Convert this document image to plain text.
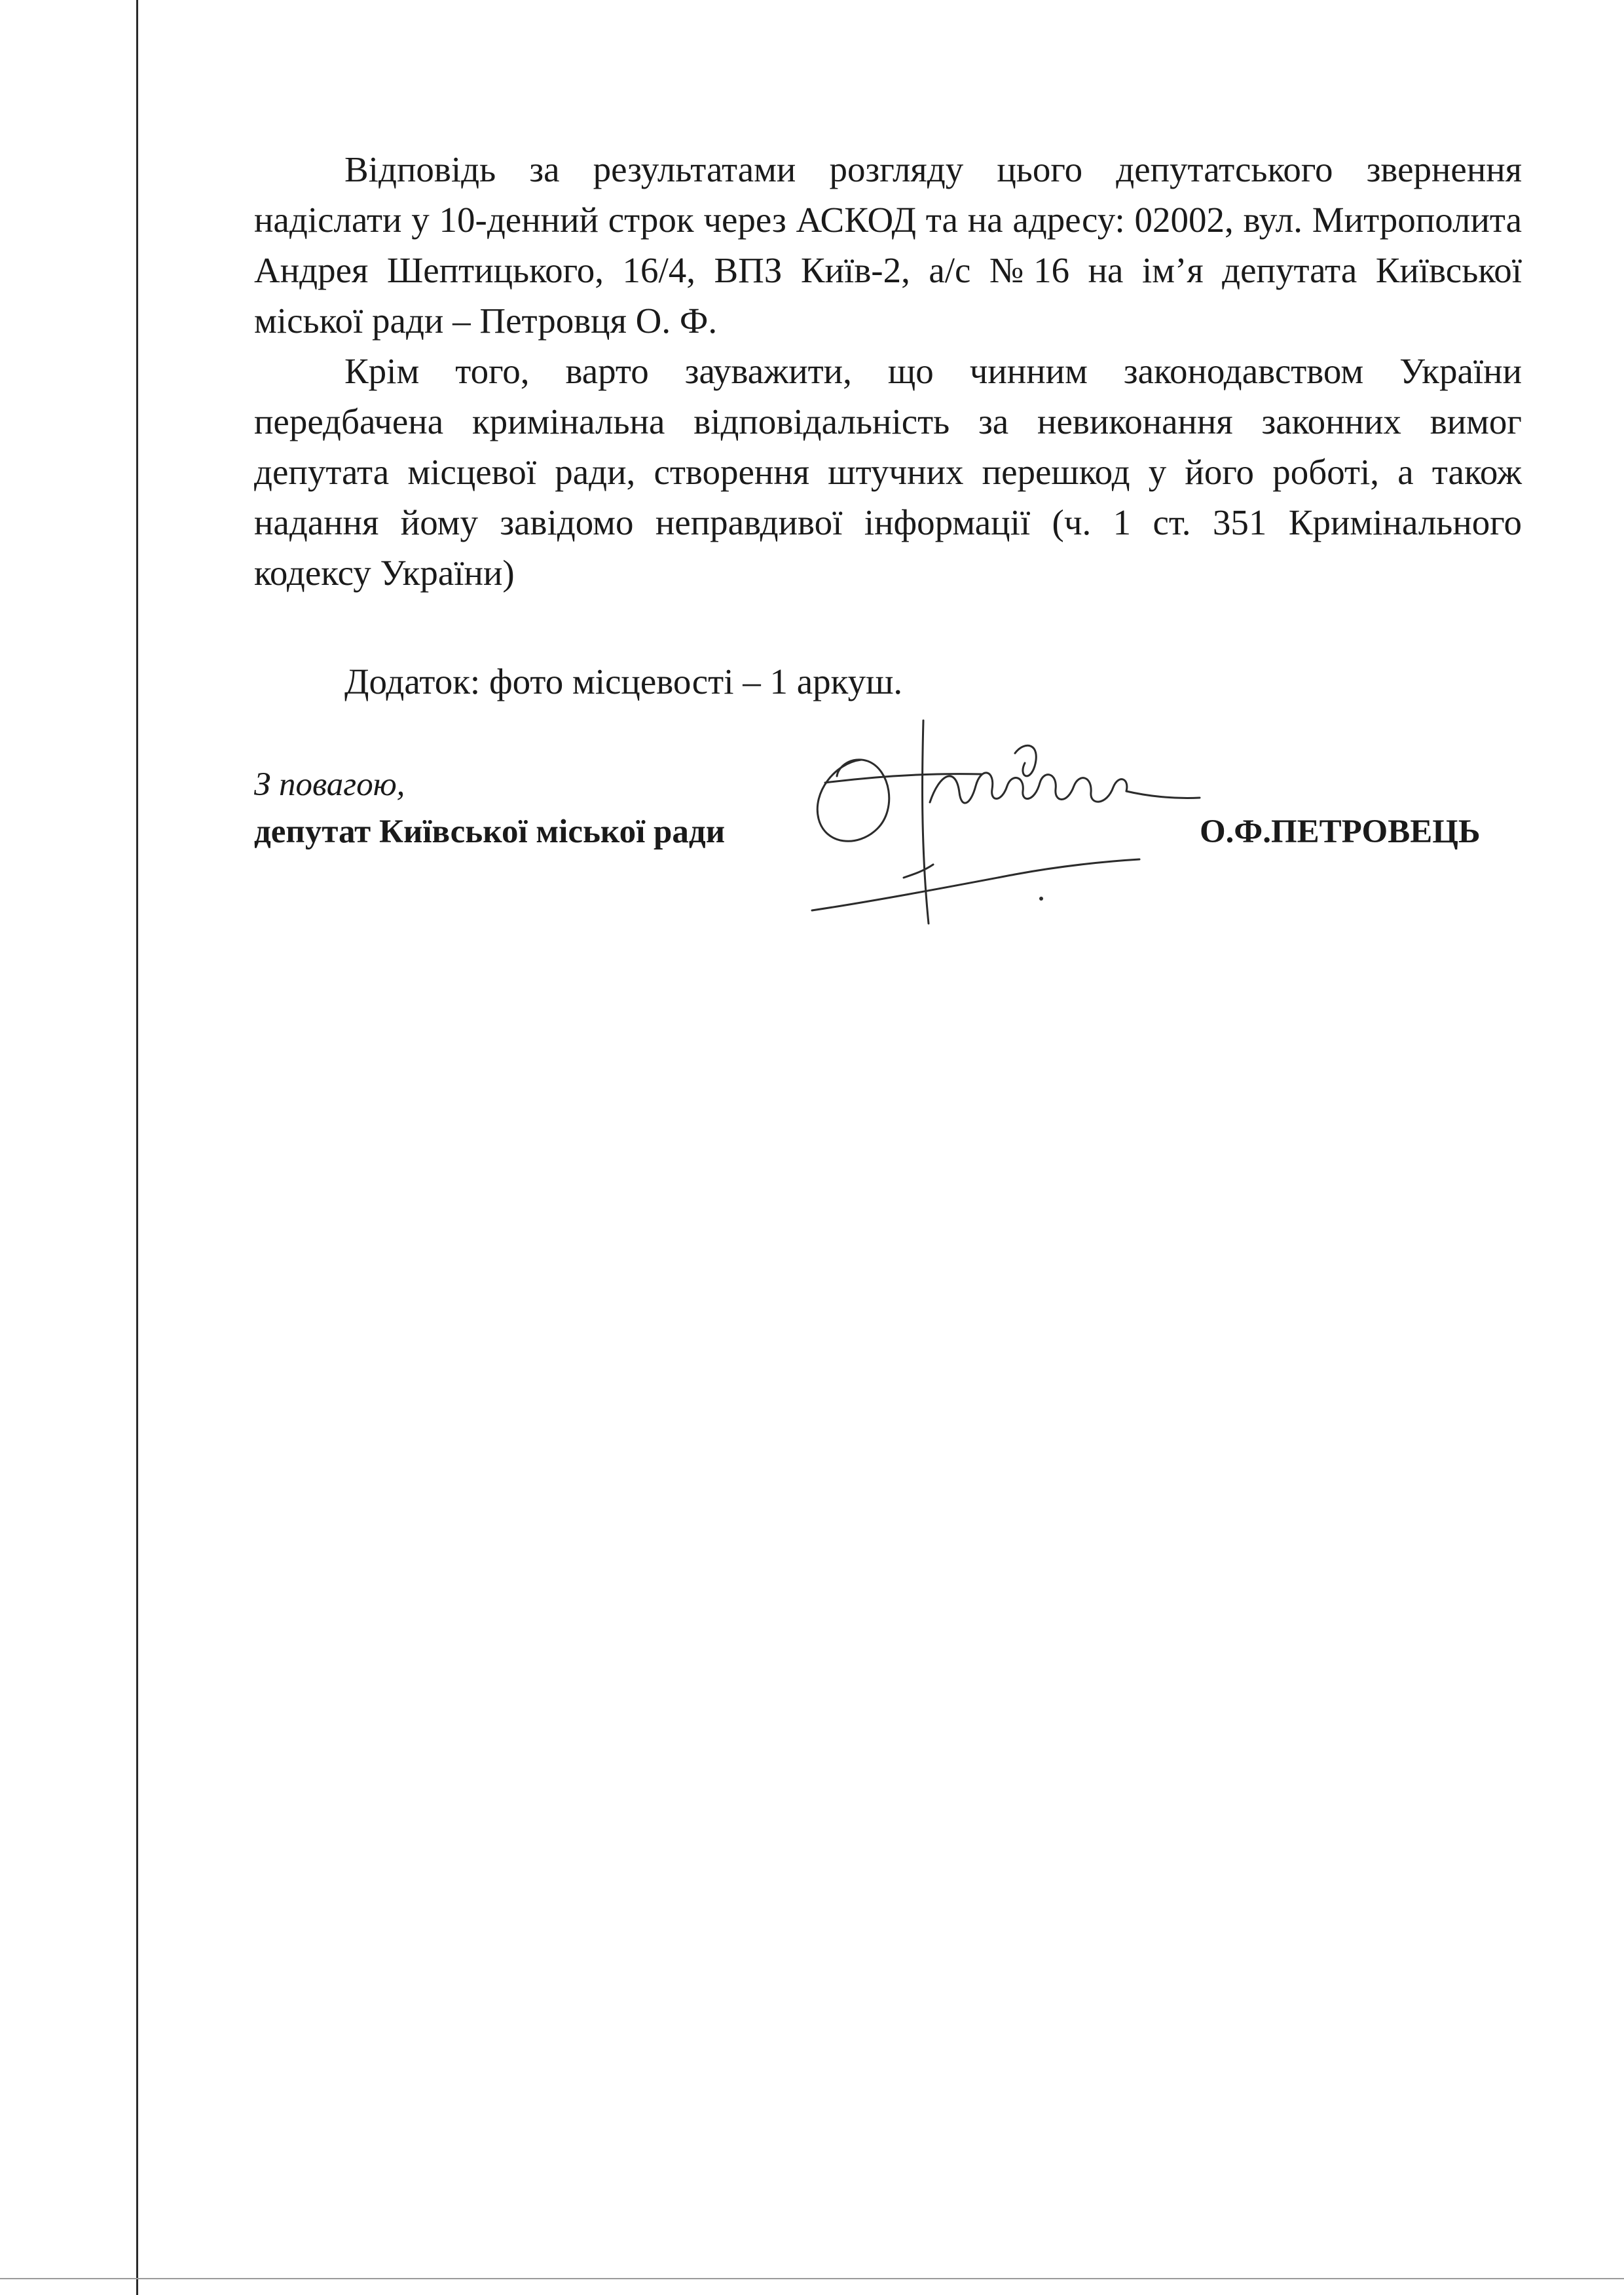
Відповідь за результатами розгляду цього депутатського звернення надіслати у 10-денний строк через АСКОД та на адресу: 02002, вул. Митрополита Андрея Шептицького, 16/4, ВПЗ Київ-2, а/с №16 на ім’я депутата Київської міської ради – Петровця О. Ф.

Крім того, варто зауважити, що чинним законодавством України передбачена кримінальна відповідальність за невиконання законних вимог депутата місцевої ради, створення штучних перешкод у його роботі, а також надання йому завідомо неправдивої інформації (ч. 1 ст. 351 Кримінального кодексу України)

Додаток: фото місцевості – 1 аркуш.
З повагою,
депутат Київської міської ради	О.Ф.ПЕТРОВЕЦЬ
